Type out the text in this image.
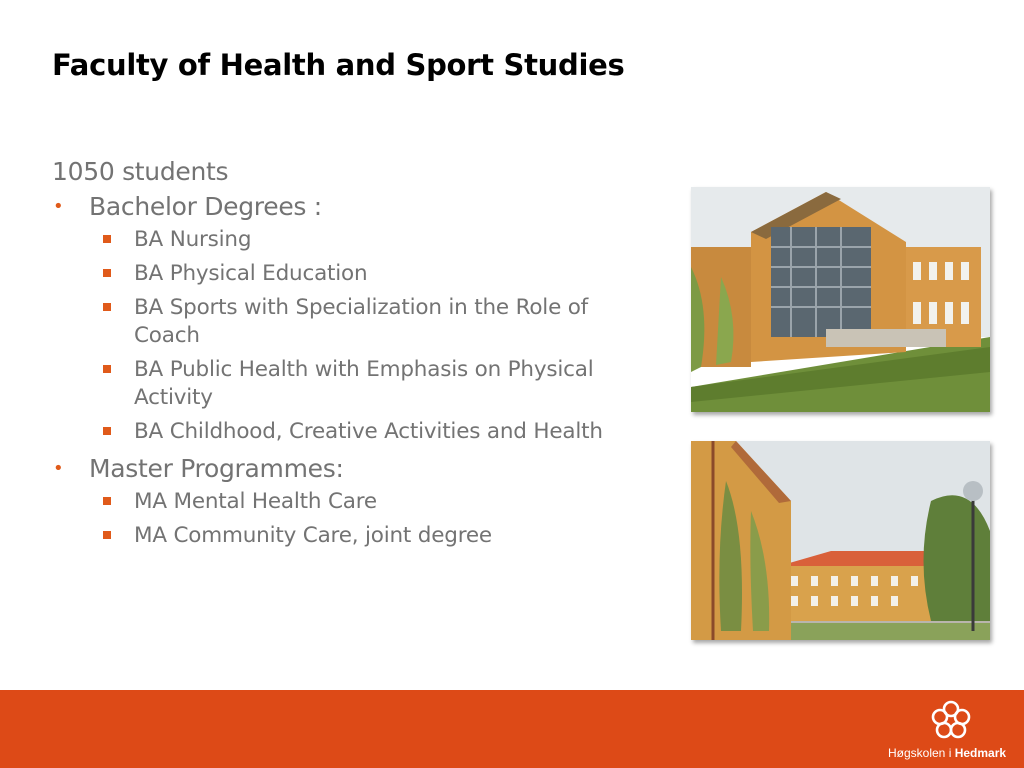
Faculty of Health and Sport Studies

1050 students

• Bachelor Degrees :
BA Nursing
BA Physical Education
BA Sports with Specialization in the Role of Coach
BA Public Health with Emphasis on Physical Activity
BA Childhood, Creative Activities and Health
• Master Programmes:
MA Mental Health Care
MA Community Care, joint degree
Høgskolen i Hedmark
